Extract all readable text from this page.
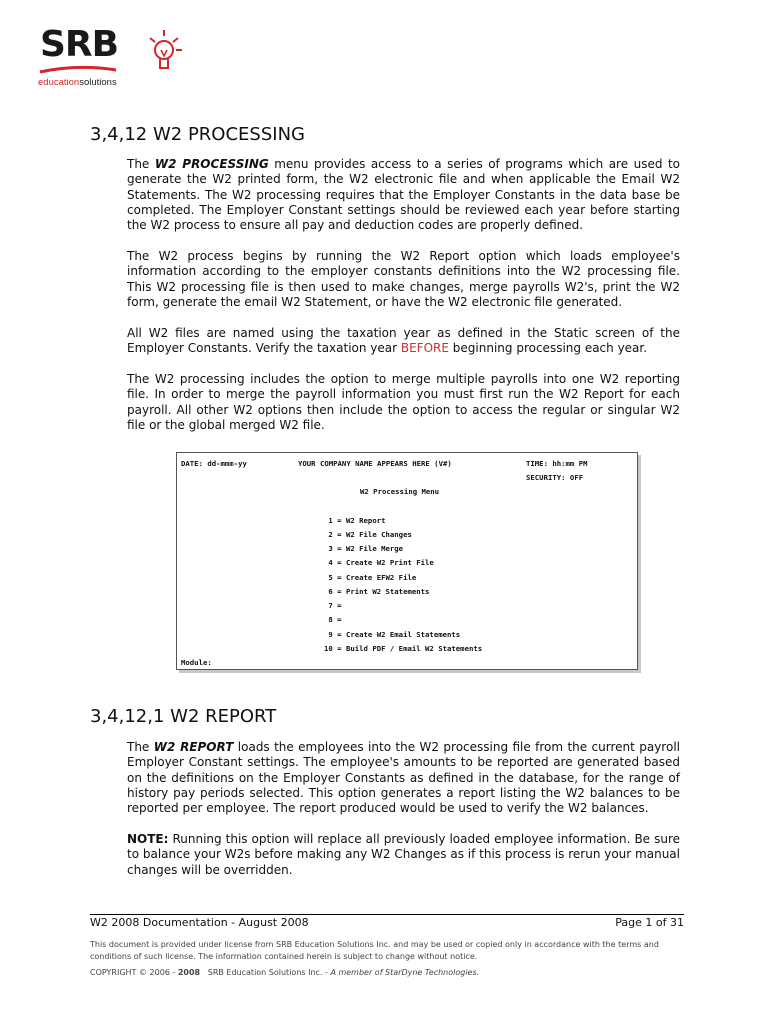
SRB
educationsolutions
3,4,12 W2 PROCESSING

The W2 PROCESSING menu provides access to a series of programs which are used to generate the W2 printed form, the W2 electronic file and when applicable the Email W2 Statements. The W2 processing requires that the Employer Constants in the data base be completed. The Employer Constant settings should be reviewed each year before starting the W2 process to ensure all pay and deduction codes are properly defined.

The W2 process begins by running the W2 Report option which loads employee's information according to the employer constants definitions into the W2 processing file. This W2 processing file is then used to make changes, merge payrolls W2's, print the W2 form, generate the email W2 Statement, or have the W2 electronic file generated.

All W2 files are named using the taxation year as defined in the Static screen of the Employer Constants. Verify the taxation year BEFORE beginning processing each year.

The W2 processing includes the option to merge multiple payrolls into one W2 reporting file. In order to merge the payroll information you must first run the W2 Report for each payroll. All other W2 options then include the option to access the regular or singular W2 file or the global merged W2 file.

DATE: dd-mmm-yy	YOUR COMPANY NAME APPEARS HERE (V#)	TIME: hh:mm PM
SECURITY: OFF
W2 Processing Menu
1 = W2 Report
2 = W2 File Changes
3 = W2 File Merge
4 = Create W2 Print File
5 = Create EFW2 File
6 = Print W2 Statements
7 =
8 =
9 = Create W2 Email Statements
10 = Build PDF / Email W2 Statements
Module:
3,4,12,1 W2 REPORT

The W2 REPORT loads the employees into the W2 processing file from the current payroll Employer Constant settings. The employee's amounts to be reported are generated based on the definitions on the Employer Constants as defined in the database, for the range of history pay periods selected. This option generates a report listing the W2 balances to be reported per employee. The report produced would be used to verify the W2 balances.

NOTE: Running this option will replace all previously loaded employee information. Be sure to balance your W2s before making any W2 Changes as if this process is rerun your manual changes will be overridden.

W2 2008 Documentation - August 2008	Page 1 of 31
This document is provided under license from SRB Education Solutions Inc. and may be used or copied only in accordance with the terms and conditions of such license. The information contained herein is subject to change without notice.
COPYRIGHT © 2006 - 2008   SRB Education Solutions Inc. - A member of StarDyne Technologies.
